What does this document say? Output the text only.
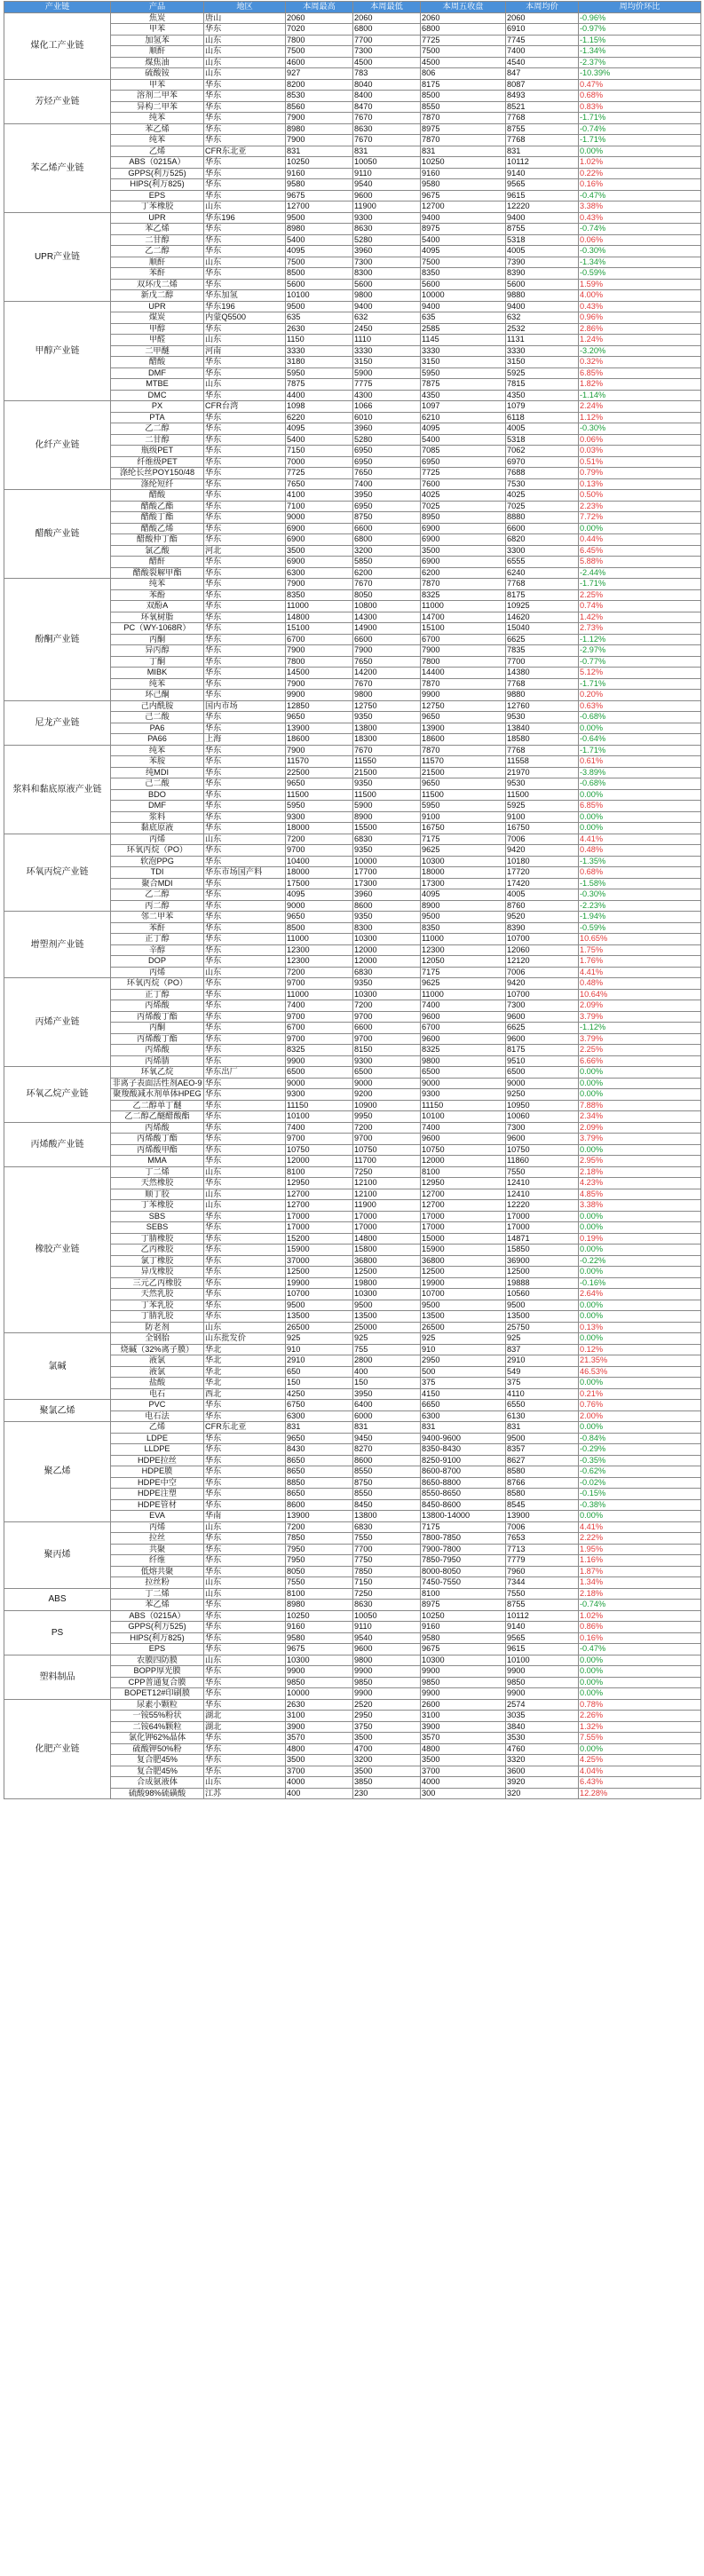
产业链	产品	地区	本周最高	本周最低	本周五收盘	本周均价	周均价环比
煤化工产业链	焦炭	唐山	2060	2060	2060	2060	-0.96%
	甲苯	华东	7020	6800	6800	6910	-0.97%
	加氢苯	山东	7800	7700	7725	7745	-1.15%
	顺酐	山东	7500	7300	7500	7400	-1.34%
	煤焦油	山东	4600	4500	4500	4540	-2.37%
	硫酸铵	山东	927	783	806	847	-10.39%
芳烃产业链	甲苯	华东	8200	8040	8175	8087	0.47%
	溶剂二甲苯	华东	8530	8400	8500	8493	0.68%
	异构二甲苯	华东	8560	8470	8550	8521	0.83%
	纯苯	华东	7900	7670	7870	7768	-1.71%
苯乙烯产业链	苯乙烯	华东	8980	8630	8975	8755	-0.74%
	纯苯	华东	7900	7670	7870	7768	-1.71%
	乙烯	CFR东北亚	831	831	831	831	0.00%
	ABS（0215A）	华东	10250	10050	10250	10112	1.02%
	GPPS(利万525)	华东	9160	9110	9160	9140	0.22%
	HIPS(利万825)	华东	9580	9540	9580	9565	0.16%
	EPS	华东	9675	9600	9675	9615	-0.47%
	丁苯橡胶	山东	12700	11900	12700	12220	3.38%
UPR产业链	UPR	华东196	9500	9300	9400	9400	0.43%
	苯乙烯	华东	8980	8630	8975	8755	-0.74%
	二甘醇	华东	5400	5280	5400	5318	0.06%
	乙二醇	华东	4095	3960	4095	4005	-0.30%
	顺酐	山东	7500	7300	7500	7390	-1.34%
	苯酐	华东	8500	8300	8350	8390	-0.59%
	双环戊二烯	华东	5600	5600	5600	5600	1.59%
	新戊二醇	华东加氢	10100	9800	10000	9880	4.00%
甲醇产业链	UPR	华东196	9500	9400	9400	9400	0.43%
	煤炭	内蒙Q5500	635	632	635	632	0.96%
	甲醇	华东	2630	2450	2585	2532	2.86%
	甲醛	山东	1150	1110	1145	1131	1.24%
	二甲醚	河南	3330	3330	3330	3330	-3.20%
	醋酸	华东	3180	3150	3150	3150	0.32%
	DMF	华东	5950	5900	5950	5925	6.85%
	MTBE	山东	7875	7775	7875	7815	1.82%
	DMC	华东	4400	4300	4350	4350	-1.14%
化纤产业链	PX	CFR台湾	1098	1066	1097	1079	2.24%
	PTA	华东	6220	6010	6210	6118	1.12%
	乙二醇	华东	4095	3960	4095	4005	-0.30%
	二甘醇	华东	5400	5280	5400	5318	0.06%
	瓶级PET	华东	7150	6950	7085	7062	0.03%
	纤维级PET	华东	7000	6950	6950	6970	0.51%
	涤纶长丝POY150/48	华东	7725	7650	7725	7688	0.79%
	涤纶短纤	华东	7650	7400	7600	7530	0.13%
醋酸产业链	醋酸	华东	4100	3950	4025	4025	0.50%
	醋酸乙酯	华东	7100	6950	7025	7025	2.23%
	醋酸丁酯	华东	9000	8750	8950	8880	7.72%
	醋酸乙烯	华东	6900	6600	6900	6600	0.00%
	醋酸仲丁酯	华东	6900	6800	6900	6820	0.44%
	氯乙酸	河北	3500	3200	3500	3300	6.45%
	醋酐	华东	6900	5850	6900	6555	5.88%
	醋酸裂解甲酯	华东	6300	6200	6200	6240	-2.44%
酚酮产业链	纯苯	华东	7900	7670	7870	7768	-1.71%
	苯酚	华东	8350	8050	8325	8175	2.25%
	双酚A	华东	11000	10800	11000	10925	0.74%
	环氧树脂	华东	14800	14300	14700	14620	1.42%
	PC（WY-1068R）	华东	15100	14900	15100	15040	2.73%
	丙酮	华东	6700	6600	6700	6625	-1.12%
	异丙醇	华东	7900	7900	7900	7835	-2.97%
	丁酮	华东	7800	7650	7800	7700	-0.77%
	MIBK	华东	14500	14200	14400	14380	5.12%
	纯苯	华东	7900	7670	7870	7768	-1.71%
	环己酮	华东	9900	9800	9900	9880	0.20%
尼龙产业链	己内酰胺	国内市场	12850	12750	12750	12760	0.63%
	己二酸	华东	9650	9350	9650	9530	-0.68%
	PA6	华东	13900	13800	13900	13840	0.00%
	PA66	上海	18600	18300	18600	18580	-0.64%
浆料和黏底原液产业链	纯苯	华东	7900	7670	7870	7768	-1.71%
	苯胺	华东	11570	11550	11570	11558	0.61%
	纯MDI	华东	22500	21500	21500	21970	-3.89%
	己二酸	华东	9650	9350	9650	9530	-0.68%
	BDO	华东	11500	11500	11500	11500	0.00%
	DMF	华东	5950	5900	5950	5925	6.85%
	浆料	华东	9300	8900	9100	9100	0.00%
	黏底原液	华东	18000	15500	16750	16750	0.00%
环氧丙烷产业链	丙烯	山东	7200	6830	7175	7006	4.41%
	环氧丙烷（PO）	华东	9700	9350	9625	9420	0.48%
	软泡PPG	华东	10400	10000	10300	10180	-1.35%
	TDI	华东市场国产料	18000	17700	18000	17720	0.68%
	聚合MDI	华东	17500	17300	17300	17420	-1.58%
	乙二醇	华东	4095	3960	4095	4005	-0.30%
	丙二醇	华东	9000	8600	8900	8760	-2.23%
增塑剂产业链	邻二甲苯	华东	9650	9350	9500	9520	-1.94%
	苯酐	华东	8500	8300	8350	8390	-0.59%
	正丁醇	华东	11000	10300	11000	10700	10.65%
	辛醇	华东	12300	12000	12300	12060	1.75%
	DOP	华东	12300	12000	12050	12120	1.76%
	丙烯	山东	7200	6830	7175	7006	4.41%
丙烯产业链	环氧丙烷（PO）	华东	9700	9350	9625	9420	0.48%
	正丁醇	华东	11000	10300	11000	10700	10.64%
	丙烯酸	华东	7400	7200	7400	7300	2.09%
	丙烯酸丁酯	华东	9700	9700	9600	9600	3.79%
	丙酮	华东	6700	6600	6700	6625	-1.12%
	丙烯酸丁酯	华东	9700	9700	9600	9600	3.79%
	丙烯酸	华东	8325	8150	8325	8175	2.25%
	丙烯腈	华东	9900	9300	9800	9510	6.66%
环氧乙烷产业链	环氧乙烷	华东出厂	6500	6500	6500	6500	0.00%
	非离子表面活性剂AEO-9	华东	9000	9000	9000	9000	0.00%
	聚羧酸减水剂单体HPEG	华东	9300	9200	9300	9250	0.00%
	乙二醇单丁醚	华东	11150	10900	11150	10950	7.88%
	乙二醇乙醚醋酸酯	华东	10100	9950	10100	10060	2.34%
丙烯酸产业链	丙烯酸	华东	7400	7200	7400	7300	2.09%
	丙烯酸丁酯	华东	9700	9700	9600	9600	3.79%
	丙烯酸甲酯	华东	10750	10750	10750	10750	0.00%
	MMA	华东	12000	11700	12000	11860	2.95%
橡胶产业链	丁二烯	山东	8100	7250	8100	7550	2.18%
	天然橡胶	华东	12950	12100	12950	12410	4.23%
	顺丁胶	山东	12700	12100	12700	12410	4.85%
	丁苯橡胶	山东	12700	11900	12700	12220	3.38%
	SBS	华东	17000	17000	17000	17000	0.00%
	SEBS	华东	17000	17000	17000	17000	0.00%
	丁腈橡胶	华东	15200	14800	15000	14871	0.19%
	乙丙橡胶	华东	15900	15800	15900	15850	0.00%
	氯丁橡胶	华东	37000	36800	36800	36900	-0.22%
	异戊橡胶	华东	12500	12500	12500	12500	0.00%
	三元乙丙橡胶	华东	19900	19800	19900	19888	-0.16%
	天然乳胶	华东	10700	10300	10700	10560	2.64%
	丁苯乳胶	华东	9500	9500	9500	9500	0.00%
	丁腈乳胶	华东	13500	13500	13500	13500	0.00%
	防老剂	山东	26500	25000	26500	25750	0.13%
氯碱	全钢胎	山东批发价	925	925	925	925	0.00%
	烧碱（32%离子膜）	华北	910	755	910	837	0.12%
	液氯	华北	2910	2800	2950	2910	21.35%
	液氯	华北	650	400	500	549	46.53%
	盐酸	华北	150	150	375	375	0.00%
	电石	西北	4250	3950	4150	4110	0.21%
聚氯乙烯	PVC	华东	6750	6400	6650	6550	0.76%
	电石法	华东	6300	6000	6300	6130	2.00%
聚乙烯	乙烯	CFR东北亚	831	831	831	831	0.00%
	LDPE	华东	9650	9450	9400-9600	9500	-0.84%
	LLDPE	华东	8430	8270	8350-8430	8357	-0.29%
	HDPE拉丝	华东	8650	8600	8250-9100	8627	-0.35%
	HDPE膜	华东	8650	8550	8600-8700	8580	-0.62%
	HDPE中空	华东	8850	8750	8650-8800	8766	-0.02%
	HDPE注塑	华东	8650	8550	8550-8650	8580	-0.15%
	HDPE管材	华东	8600	8450	8450-8600	8545	-0.38%
	EVA	华南	13900	13800	13800-14000	13900	0.00%
聚丙烯	丙烯	山东	7200	6830	7175	7006	4.41%
	拉丝	华东	7850	7550	7800-7850	7653	2.22%
	共聚	华东	7950	7700	7900-7800	7713	1.95%
	纤维	华东	7950	7750	7850-7950	7779	1.16%
	低熔共聚	华东	8050	7850	8000-8050	7960	1.87%
	拉丝粉	山东	7550	7150	7450-7550	7344	1.34%
ABS	丁二烯	山东	8100	7250	8100	7550	2.18%
	苯乙烯	华东	8980	8630	8975	8755	-0.74%
PS	ABS（0215A）	华东	10250	10050	10250	10112	1.02%
	GPPS(利万525)	华东	9160	9110	9160	9140	0.86%
	HIPS(利万825)	华东	9580	9540	9580	9565	0.16%
	EPS	华东	9675	9600	9675	9615	-0.47%
塑料制品	农膜四防膜	山东	10300	9800	10300	10100	0.00%
	BOPP厚光膜	华东	9900	9900	9900	9900	0.00%
	CPP普通复合膜	华东	9850	9850	9850	9850	0.00%
	BOPET12#印刷膜	华东	10000	9900	9900	9900	0.00%
化肥产业链	尿素小颗粒	华东	2630	2520	2600	2574	0.78%
	一铵55%粉状	湖北	3100	2950	3100	3035	2.26%
	二铵64%颗粒	湖北	3900	3750	3900	3840	1.32%
	氯化钾62%晶体	华东	3570	3500	3570	3530	7.55%
	硫酸钾50%粉	华东	4800	4700	4800	4760	0.00%
	复合肥45%	华东	3500	3200	3500	3320	4.25%
	复合肥45%	华东	3700	3500	3700	3600	4.04%
	合成氨液体	山东	4000	3850	4000	3920	6.43%
	硫酸98%硫磺酸	江苏	400	230	300	320	12.28%
